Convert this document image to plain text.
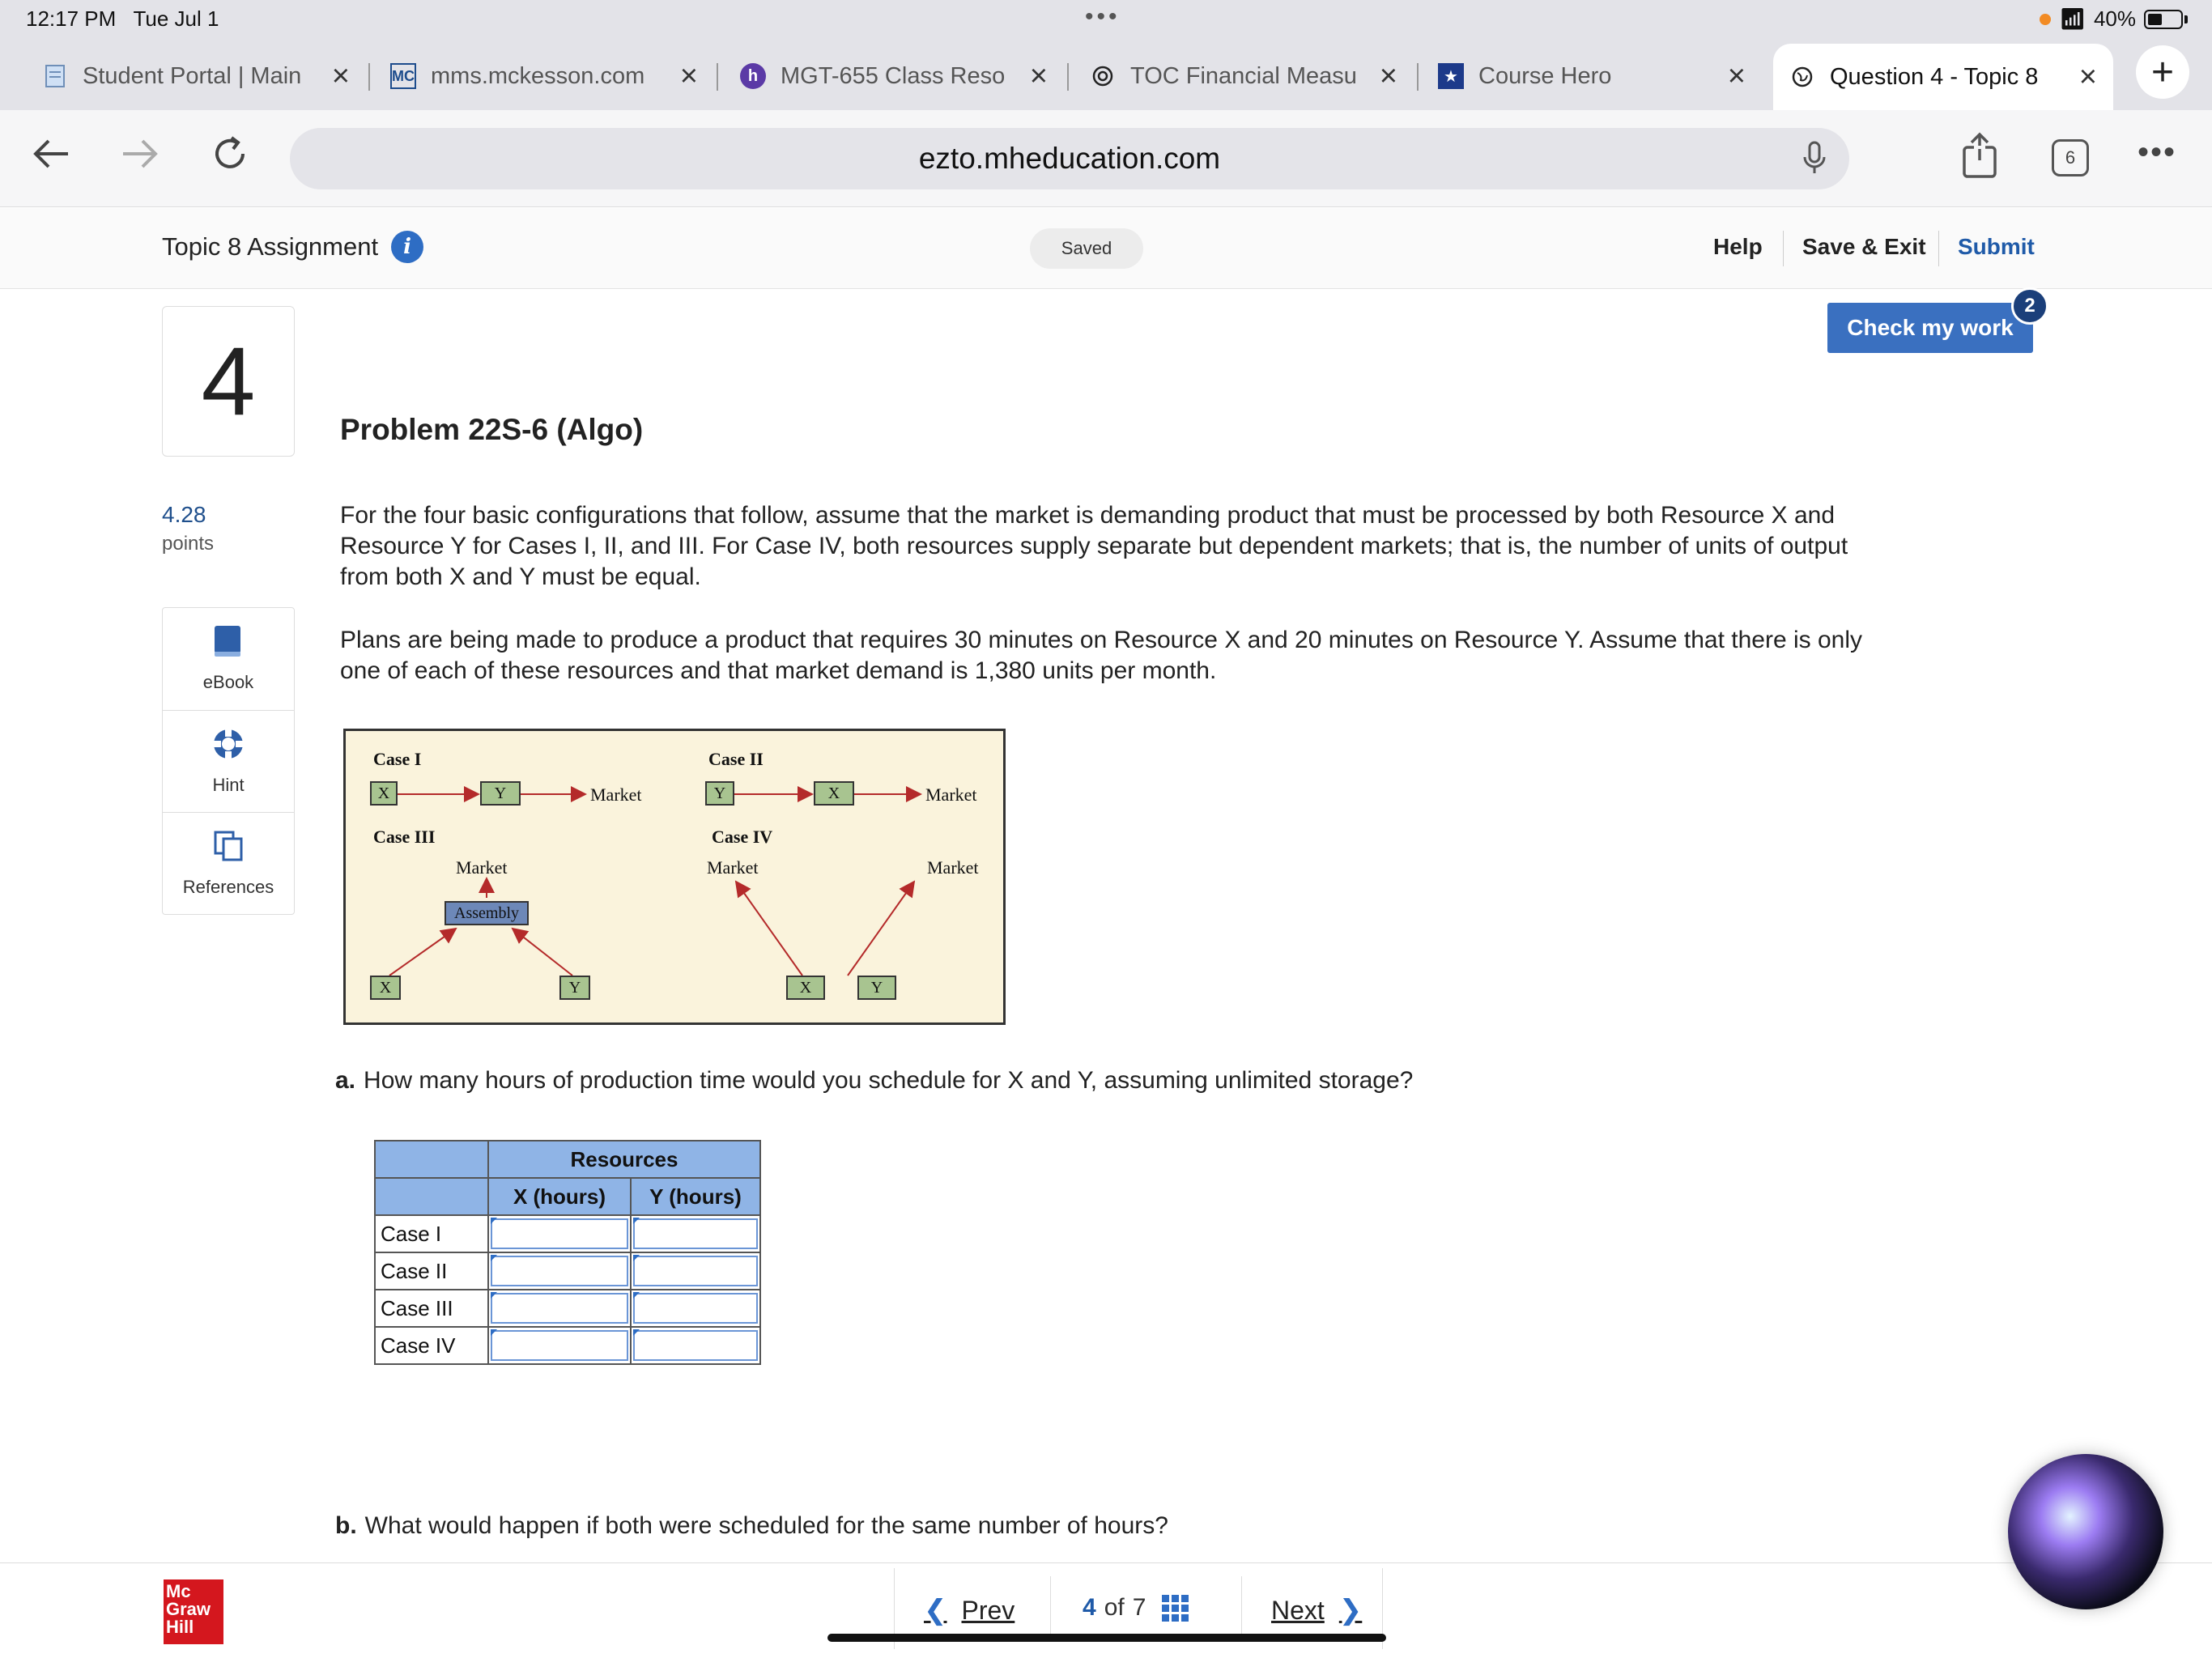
12:17 PM Tue Jul 1	•••	📶︎ 40%
Student Portal | Main ×	MC mms.mckesson.com	×	h MGT-655 Class Reso ×	TOC Financial Measu ×	★ Course Hero	×	Question 4 - Topic 8	× +
ezto.mheducation.com	6	•••
Topic 8 Assignment	i	Saved	Help Save & Exit Submit
Check my work
2
4
4.28
points
eBook
Hint
References
Problem 22S-6 (Algo)
For the four basic configurations that follow, assume that the market is demanding product that must be processed by both Resource X and Resource Y for Cases I, II, and III. For Case IV, both resources supply separate but dependent markets; that is, the number of units of output from both X and Y must be equal.
Plans are being made to produce a product that requires 30 minutes on Resource X and 20 minutes on Resource Y. Assume that there is only one of each of these resources and that market demand is 1,380 units per month.
Case I
X	Y	Market
Case II
Y	X	Market
Case III
Market
Assembly
X	Y
Case IV
Market	Market
X	Y
a. How many hours of production time would you schedule for X and Y, assuming unlimited storage?
	Resources	
	X (hours)	Y (hours)
Case I		
Case II		
Case III		
Case IV		
b. What would happen if both were scheduled for the same number of hours?
Mc
Graw
Hill
❮ Prev	4 of 7	Next ❯
